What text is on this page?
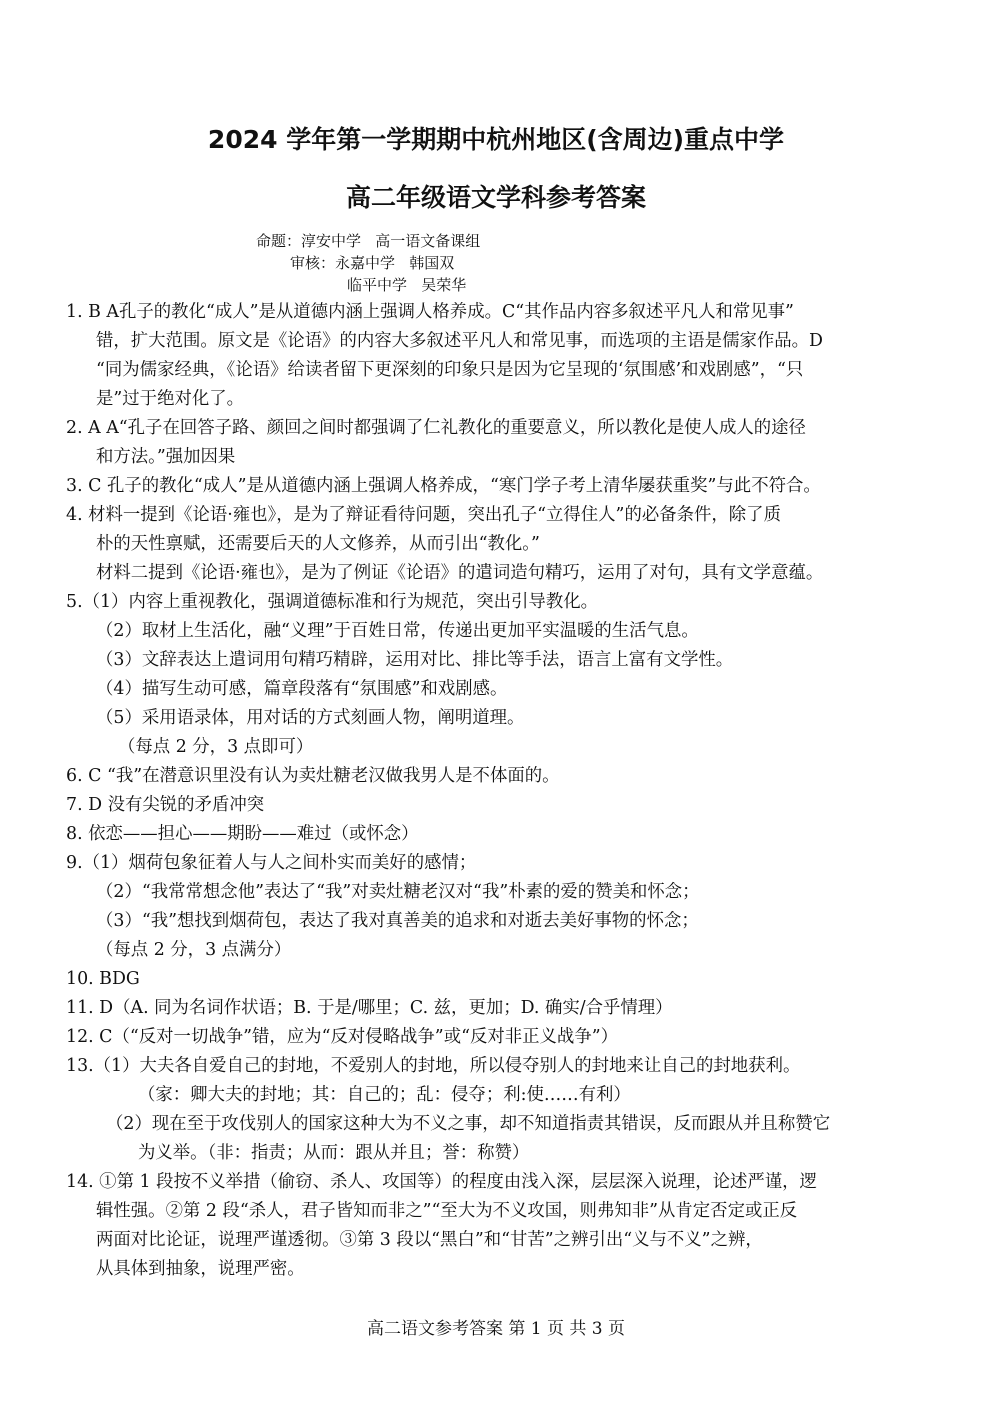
2024 学年第一学期期中杭州地区(含周边)重点中学
高二年级语文学科参考答案
命题：淳安中学   高一语文备课组
审核：永嘉中学   韩国双
临平中学   吴荣华
1. B A孔子的教化“成人”是从道德内涵上强调人格养成。C“其作品内容多叙述平凡人和常见事”
错，扩大范围。原文是《论语》的内容大多叙述平凡人和常见事，而选项的主语是儒家作品。D
“同为儒家经典，《论语》给读者留下更深刻的印象只是因为它呈现的‘氛围感’和戏剧感”，“只
是”过于绝对化了。
2. A A“孔子在回答子路、颜回之间时都强调了仁礼教化的重要意义，所以教化是使人成人的途径
和方法。”强加因果
3. C 孔子的教化“成人”是从道德内涵上强调人格养成，“寒门学子考上清华屡获重奖”与此不符合。
4. 材料一提到《论语·雍也》，是为了辩证看待问题，突出孔子“立得住人”的必备条件，除了质
朴的天性禀赋，还需要后天的人文修养，从而引出“教化。”
材料二提到《论语·雍也》，是为了例证《论语》的遣词造句精巧，运用了对句，具有文学意蕴。
5.（1）内容上重视教化，强调道德标准和行为规范，突出引导教化。
（2）取材上生活化，融“义理”于百姓日常，传递出更加平实温暖的生活气息。
（3）文辞表达上遣词用句精巧精辟，运用对比、排比等手法，语言上富有文学性。
（4）描写生动可感，篇章段落有“氛围感”和戏剧感。
（5）采用语录体，用对话的方式刻画人物，阐明道理。
（每点 2 分，3 点即可）
6. C “我”在潜意识里没有认为卖灶糖老汉做我男人是不体面的。
7. D 没有尖锐的矛盾冲突
8. 依恋——担心——期盼——难过（或怀念）
9.（1）烟荷包象征着人与人之间朴实而美好的感情；
（2）“我常常想念他”表达了“我”对卖灶糖老汉对“我”朴素的爱的赞美和怀念；
（3）“我”想找到烟荷包，表达了我对真善美的追求和对逝去美好事物的怀念；
（每点 2 分，3 点满分）
10. BDG
11. D（A. 同为名词作状语；B. 于是/哪里；C. 兹，更加；D. 确实/合乎情理）
12. C（“反对一切战争”错，应为“反对侵略战争”或“反对非正义战争”）
13.（1）大夫各自爱自己的封地，不爱别人的封地，所以侵夺别人的封地来让自己的封地获利。
（家：卿大夫的封地；其：自己的；乱：侵夺；利:使……有利）
（2）现在至于攻伐别人的国家这种大为不义之事，却不知道指责其错误，反而跟从并且称赞它
为义举。（非：指责；从而：跟从并且；誉：称赞）
14. ①第 1 段按不义举措（偷窃、杀人、攻国等）的程度由浅入深，层层深入说理，论述严谨，逻
辑性强。②第 2 段“杀人，君子皆知而非之”“至大为不义攻国，则弗知非”从肯定否定或正反
两面对比论证，说理严谨透彻。③第 3 段以“黑白”和“甘苦”之辨引出“义与不义”之辨，
从具体到抽象，说理严密。
高二语文参考答案 第 1 页 共 3 页
